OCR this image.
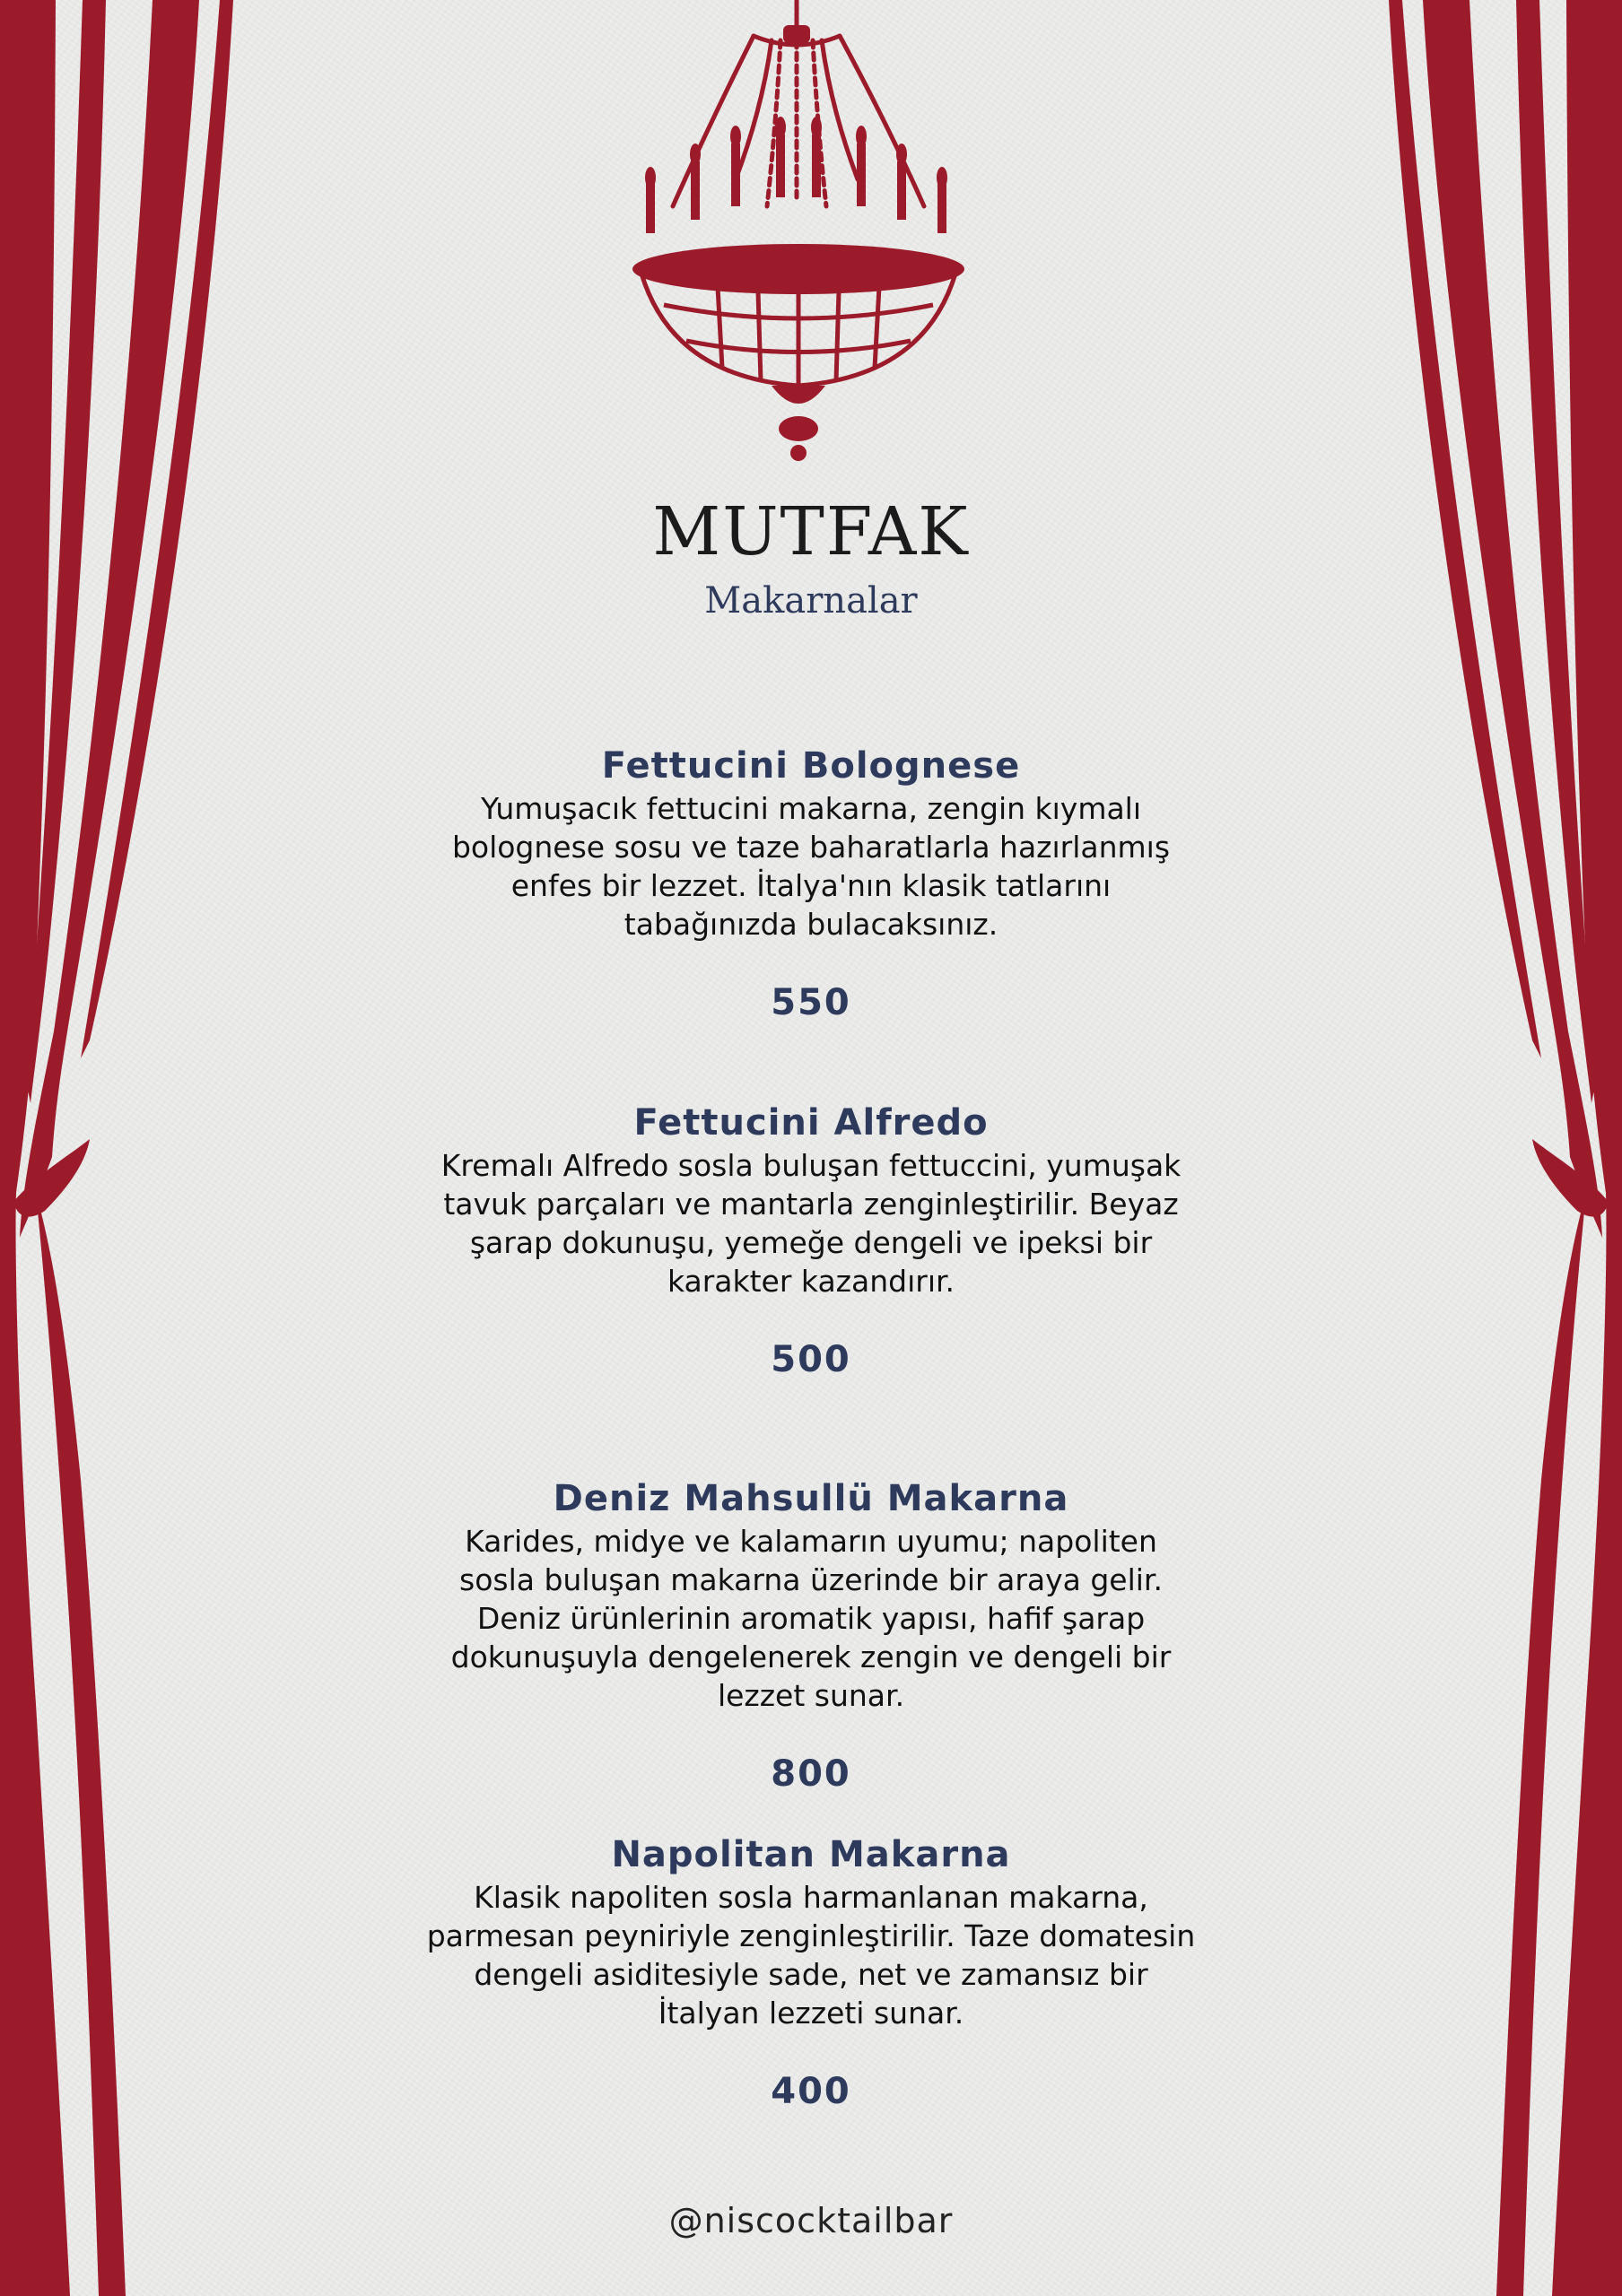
MUTFAK
Makarnalar
Fettucini Bolognese
Yumuşacık fettucini makarna, zengin kıymalı bolognese sosu ve taze baharatlarla hazırlanmış enfes bir lezzet. İtalya'nın klasik tatlarını tabağınızda bulacaksınız.
550
Fettucini Alfredo
Kremalı Alfredo sosla buluşan fettuccini, yumuşak tavuk parçaları ve mantarla zenginleştirilir. Beyaz şarap dokunuşu, yemeğe dengeli ve ipeksi bir karakter kazandırır.
500
Deniz Mahsullü Makarna
Karides, midye ve kalamarın uyumu; napoliten sosla buluşan makarna üzerinde bir araya gelir. Deniz ürünlerinin aromatik yapısı, hafif şarap dokunuşuyla dengelenerek zengin ve dengeli bir lezzet sunar.
800
Napolitan Makarna
Klasik napoliten sosla harmanlanan makarna, parmesan peyniriyle zenginleştirilir. Taze domatesin dengeli asiditesiyle sade, net ve zamansız bir İtalyan lezzeti sunar.
400
@niscocktailbar
